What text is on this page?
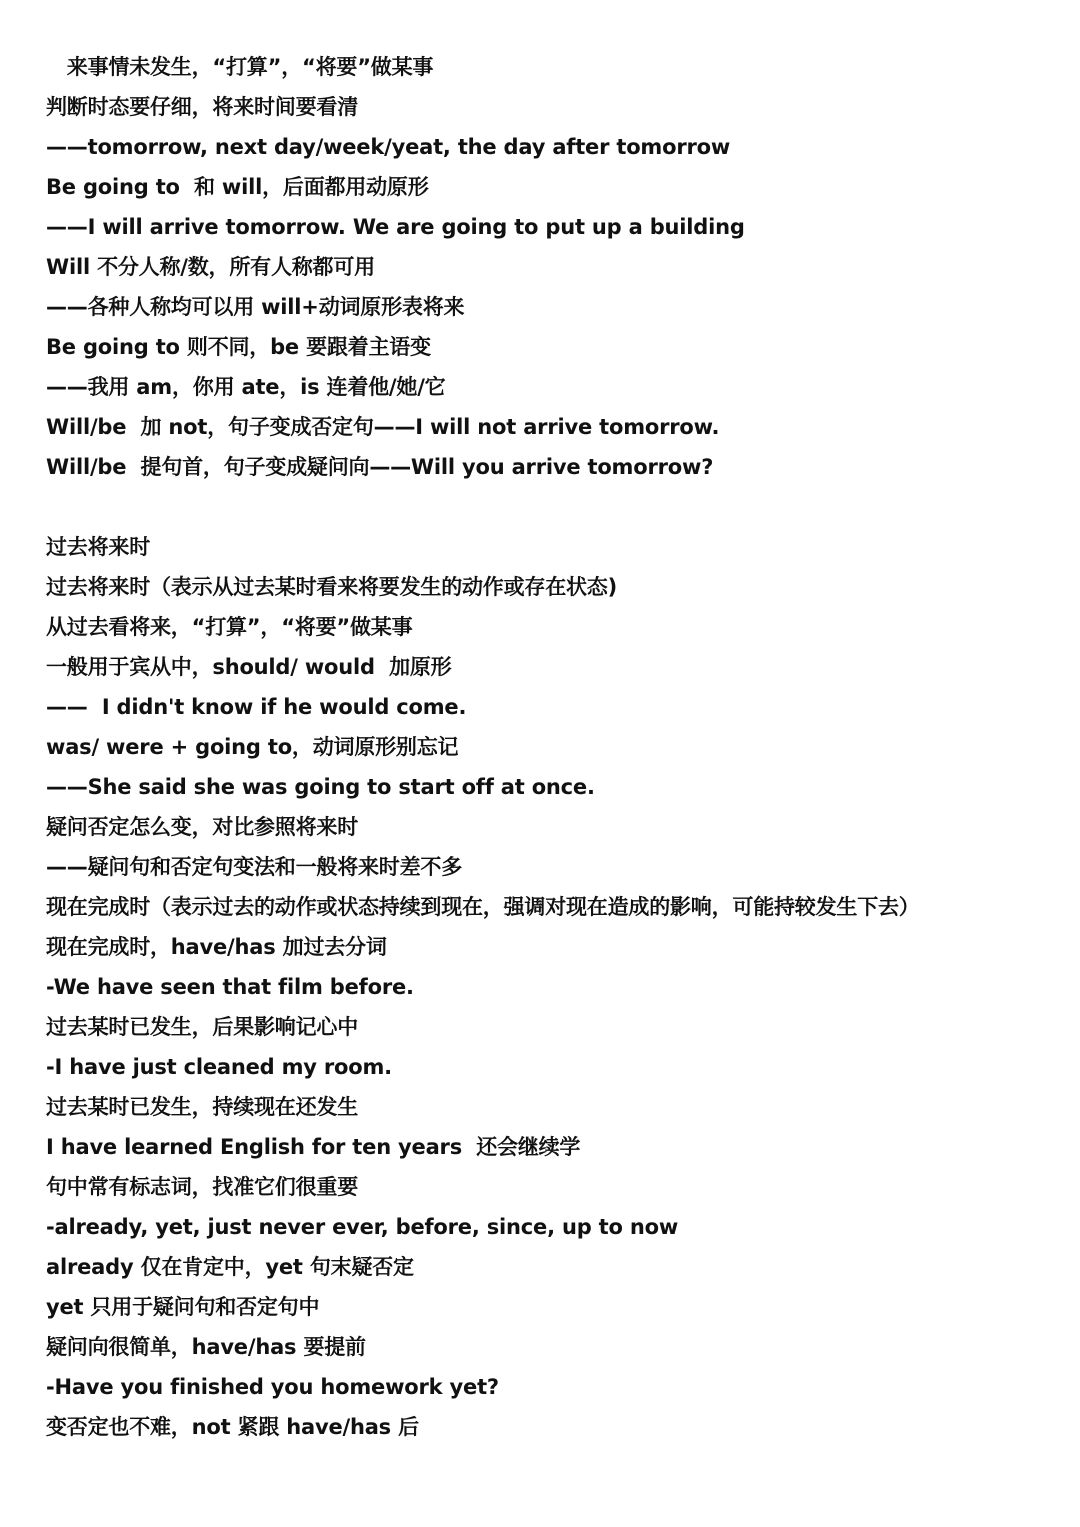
　来事情未发生，“打算”，“将要”做某事
判断时态要仔细，将来时间要看清
——tomorrow, next day/week/yeat, the day after tomorrow
Be going to  和 will，后面都用动原形
——I will arrive tomorrow. We are going to put up a building
Will 不分人称/数，所有人称都可用
——各种人称均可以用 will+动词原形表将来
Be going to 则不同，be 要跟着主语变
——我用 am，你用 ate，is 连着他/她/它
Will/be  加 not，句子变成否定句——I will not arrive tomorrow.
Will/be  提句首，句子变成疑问向——Will you arrive tomorrow?
过去将来时
过去将来时（表示从过去某时看来将要发生的动作或存在状态)
从过去看将来，“打算”，“将要”做某事
一般用于宾从中，should/ would  加原形
——  I didn't know if he would come.
was/ were + going to，动词原形别忘记
——She said she was going to start off at once.
疑问否定怎么变，对比参照将来时
——疑问句和否定句变法和一般将来时差不多
现在完成时（表示过去的动作或状态持续到现在，强调对现在造成的影响，可能持较发生下去）
现在完成时，have/has 加过去分词
-We have seen that film before.
过去某时已发生，后果影响记心中
-I have just cleaned my room.
过去某时已发生，持续现在还发生
I have learned English for ten years  还会继续学
句中常有标志词，找准它们很重要
-already, yet, just never ever, before, since, up to now
already 仅在肯定中，yet 句末疑否定
yet 只用于疑问句和否定句中
疑问向很简单，have/has 要提前
-Have you finished you homework yet?
变否定也不难，not 紧跟 have/has 后
